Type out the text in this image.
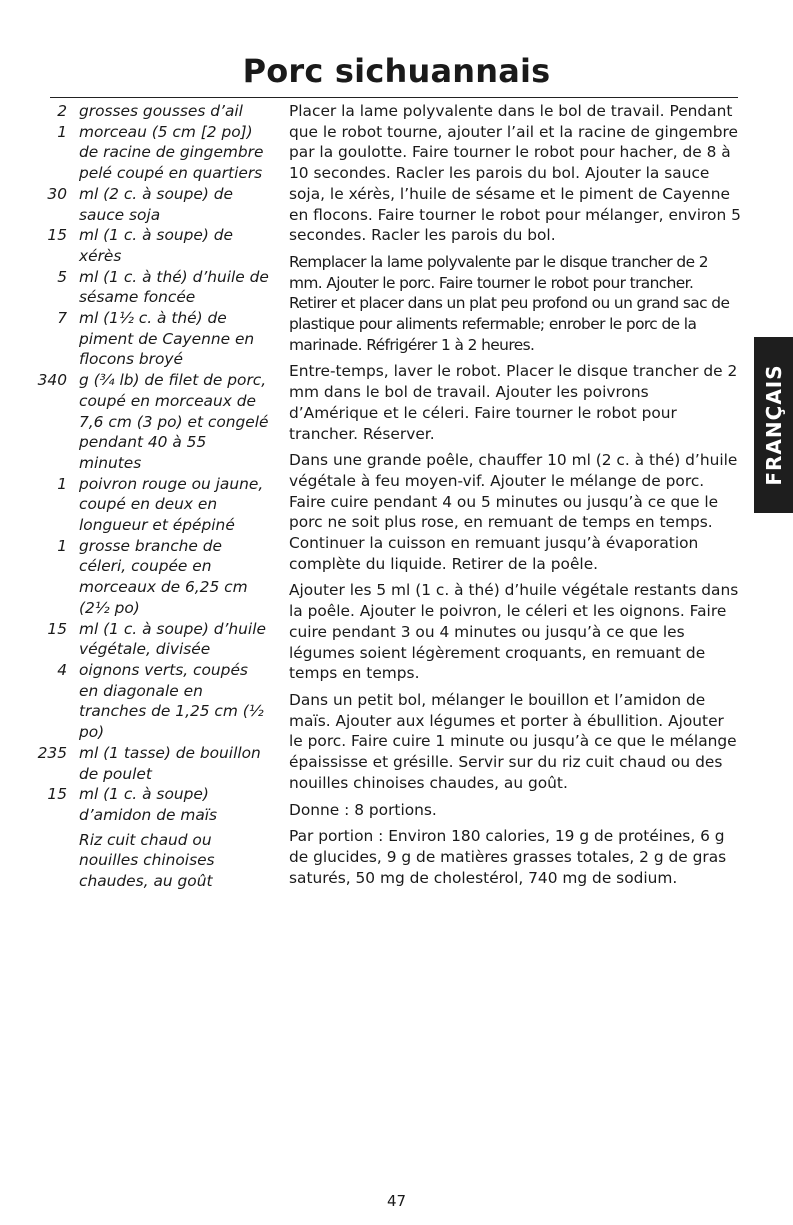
Porc sichuannais
2 grosses gousses d’ail
1 morceau (5 cm [2 po]) de racine de gingembre pelé coupé en quartiers
30 ml (2 c. à soupe) de sauce soja
15 ml (1 c. à soupe) de xérès
5 ml (1 c. à thé) d’huile de sésame foncée
7 ml (1½ c. à thé) de piment de Cayenne en flocons broyé
340 g (¾ lb) de filet de porc, coupé en morceaux de 7,6 cm (3 po) et congelé pendant 40 à 55 minutes
1 poivron rouge ou jaune, coupé en deux en longueur et épépiné
1 grosse branche de céleri, coupée en morceaux de 6,25 cm (2½ po)
15 ml (1 c. à soupe) d’huile végétale, divisée
4 oignons verts, coupés en diagonale en tranches de 1,25 cm (½ po)
235 ml (1 tasse) de bouillon de poulet
15 ml (1 c. à soupe) d’amidon de maïs
Riz cuit chaud ou nouilles chinoises chaudes, au goût

Placer la lame polyvalente dans le bol de travail. Pendant que le robot tourne, ajouter l’ail et la racine de gingembre par la goulotte. Faire tourner le robot pour hacher, de 8 à 10 secondes. Racler les parois du bol. Ajouter la sauce soja, le xérès, l’huile de sésame et le piment de Cayenne en flocons. Faire tourner le robot pour mélanger, environ 5 secondes. Racler les parois du bol.

Remplacer la lame polyvalente par le disque trancher de 2 mm. Ajouter le porc. Faire tourner le robot pour trancher. Retirer et placer dans un plat peu profond ou un grand sac de plastique pour aliments refermable; enrober le porc de la marinade. Réfrigérer 1 à 2 heures.

Entre-temps, laver le robot. Placer le disque trancher de 2 mm dans le bol de travail. Ajouter les poivrons d’Amérique et le céleri. Faire tourner le robot pour trancher. Réserver.

Dans une grande poêle, chauffer 10 ml (2 c. à thé) d’huile végétale à feu moyen-vif. Ajouter le mélange de porc. Faire cuire pendant 4 ou 5 minutes ou jusqu’à ce que le porc ne soit plus rose, en remuant de temps en temps. Continuer la cuisson en remuant jusqu’à évaporation complète du liquide. Retirer de la poêle.

Ajouter les 5 ml (1 c. à thé) d’huile végétale restants dans la poêle. Ajouter le poivron, le céleri et les oignons. Faire cuire pendant 3 ou 4 minutes ou jusqu’à ce que les légumes soient légèrement croquants, en remuant de temps en temps.

Dans un petit bol, mélanger le bouillon et l’amidon de maïs. Ajouter aux légumes et porter à ébullition. Ajouter le porc. Faire cuire 1 minute ou jusqu’à ce que le mélange épaississe et grésille. Servir sur du riz cuit chaud ou des nouilles chinoises chaudes, au goût.

Donne : 8 portions.

Par portion : Environ 180 calories, 19 g de protéines, 6 g de glucides, 9 g de matières grasses totales, 2 g de gras saturés, 50 mg de cholestérol, 740 mg de sodium.

FRANÇAIS
47
